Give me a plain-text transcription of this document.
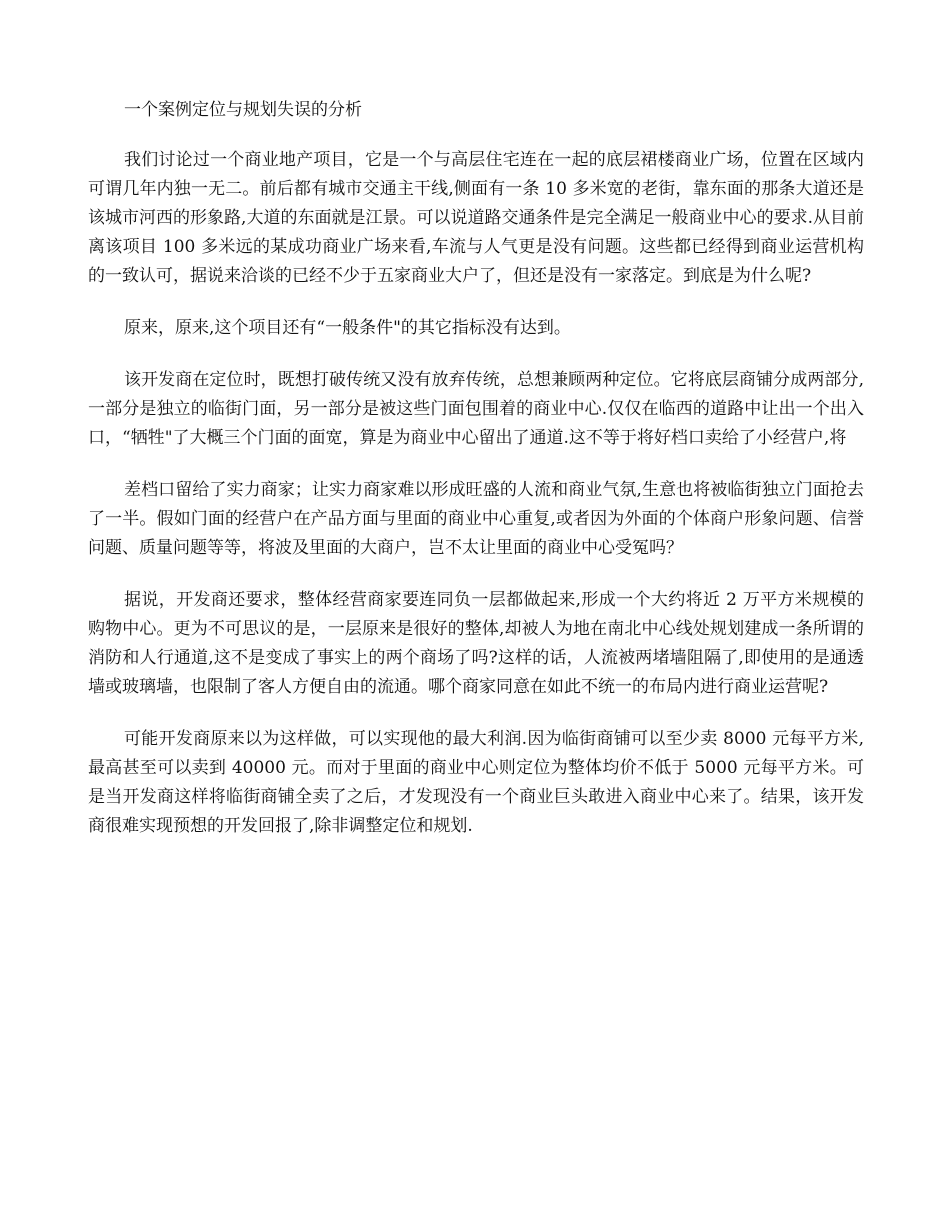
一个案例定位与规划失误的分析

我们讨论过一个商业地产项目，它是一个与高层住宅连在一起的底层裙楼商业广场，位置在区域内可谓几年内独一无二。前后都有城市交通主干线,侧面有一条 10 多米宽的老街，靠东面的那条大道还是该城市河西的形象路,大道的东面就是江景。可以说道路交通条件是完全满足一般商业中心的要求.从目前离该项目 100 多米远的某成功商业广场来看,车流与人气更是没有问题。这些都已经得到商业运营机构的一致认可，据说来洽谈的已经不少于五家商业大户了，但还是没有一家落定。到底是为什么呢?

原来，原来,这个项目还有“一般条件"的其它指标没有达到。

该开发商在定位时，既想打破传统又没有放弃传统，总想兼顾两种定位。它将底层商铺分成两部分,一部分是独立的临街门面，另一部分是被这些门面包围着的商业中心.仅仅在临西的道路中让出一个出入口，“牺牲"了大概三个门面的面宽，算是为商业中心留出了通道.这不等于将好档口卖给了小经营户,将

差档口留给了实力商家；让实力商家难以形成旺盛的人流和商业气氛,生意也将被临街独立门面抢去了一半。假如门面的经营户在产品方面与里面的商业中心重复,或者因为外面的个体商户形象问题、信誉问题、质量问题等等，将波及里面的大商户，岂不太让里面的商业中心受冤吗？

据说，开发商还要求，整体经营商家要连同负一层都做起来,形成一个大约将近 2 万平方米规模的购物中心。更为不可思议的是，一层原来是很好的整体,却被人为地在南北中心线处规划建成一条所谓的消防和人行通道,这不是变成了事实上的两个商场了吗?这样的话，人流被两堵墙阻隔了,即使用的是通透墙或玻璃墙，也限制了客人方便自由的流通。哪个商家同意在如此不统一的布局内进行商业运营呢?

可能开发商原来以为这样做，可以实现他的最大利润.因为临街商铺可以至少卖 8000 元每平方米,最高甚至可以卖到 40000 元。而对于里面的商业中心则定位为整体均价不低于 5000 元每平方米。可是当开发商这样将临街商铺全卖了之后，才发现没有一个商业巨头敢进入商业中心来了。结果，该开发商很难实现预想的开发回报了,除非调整定位和规划.
